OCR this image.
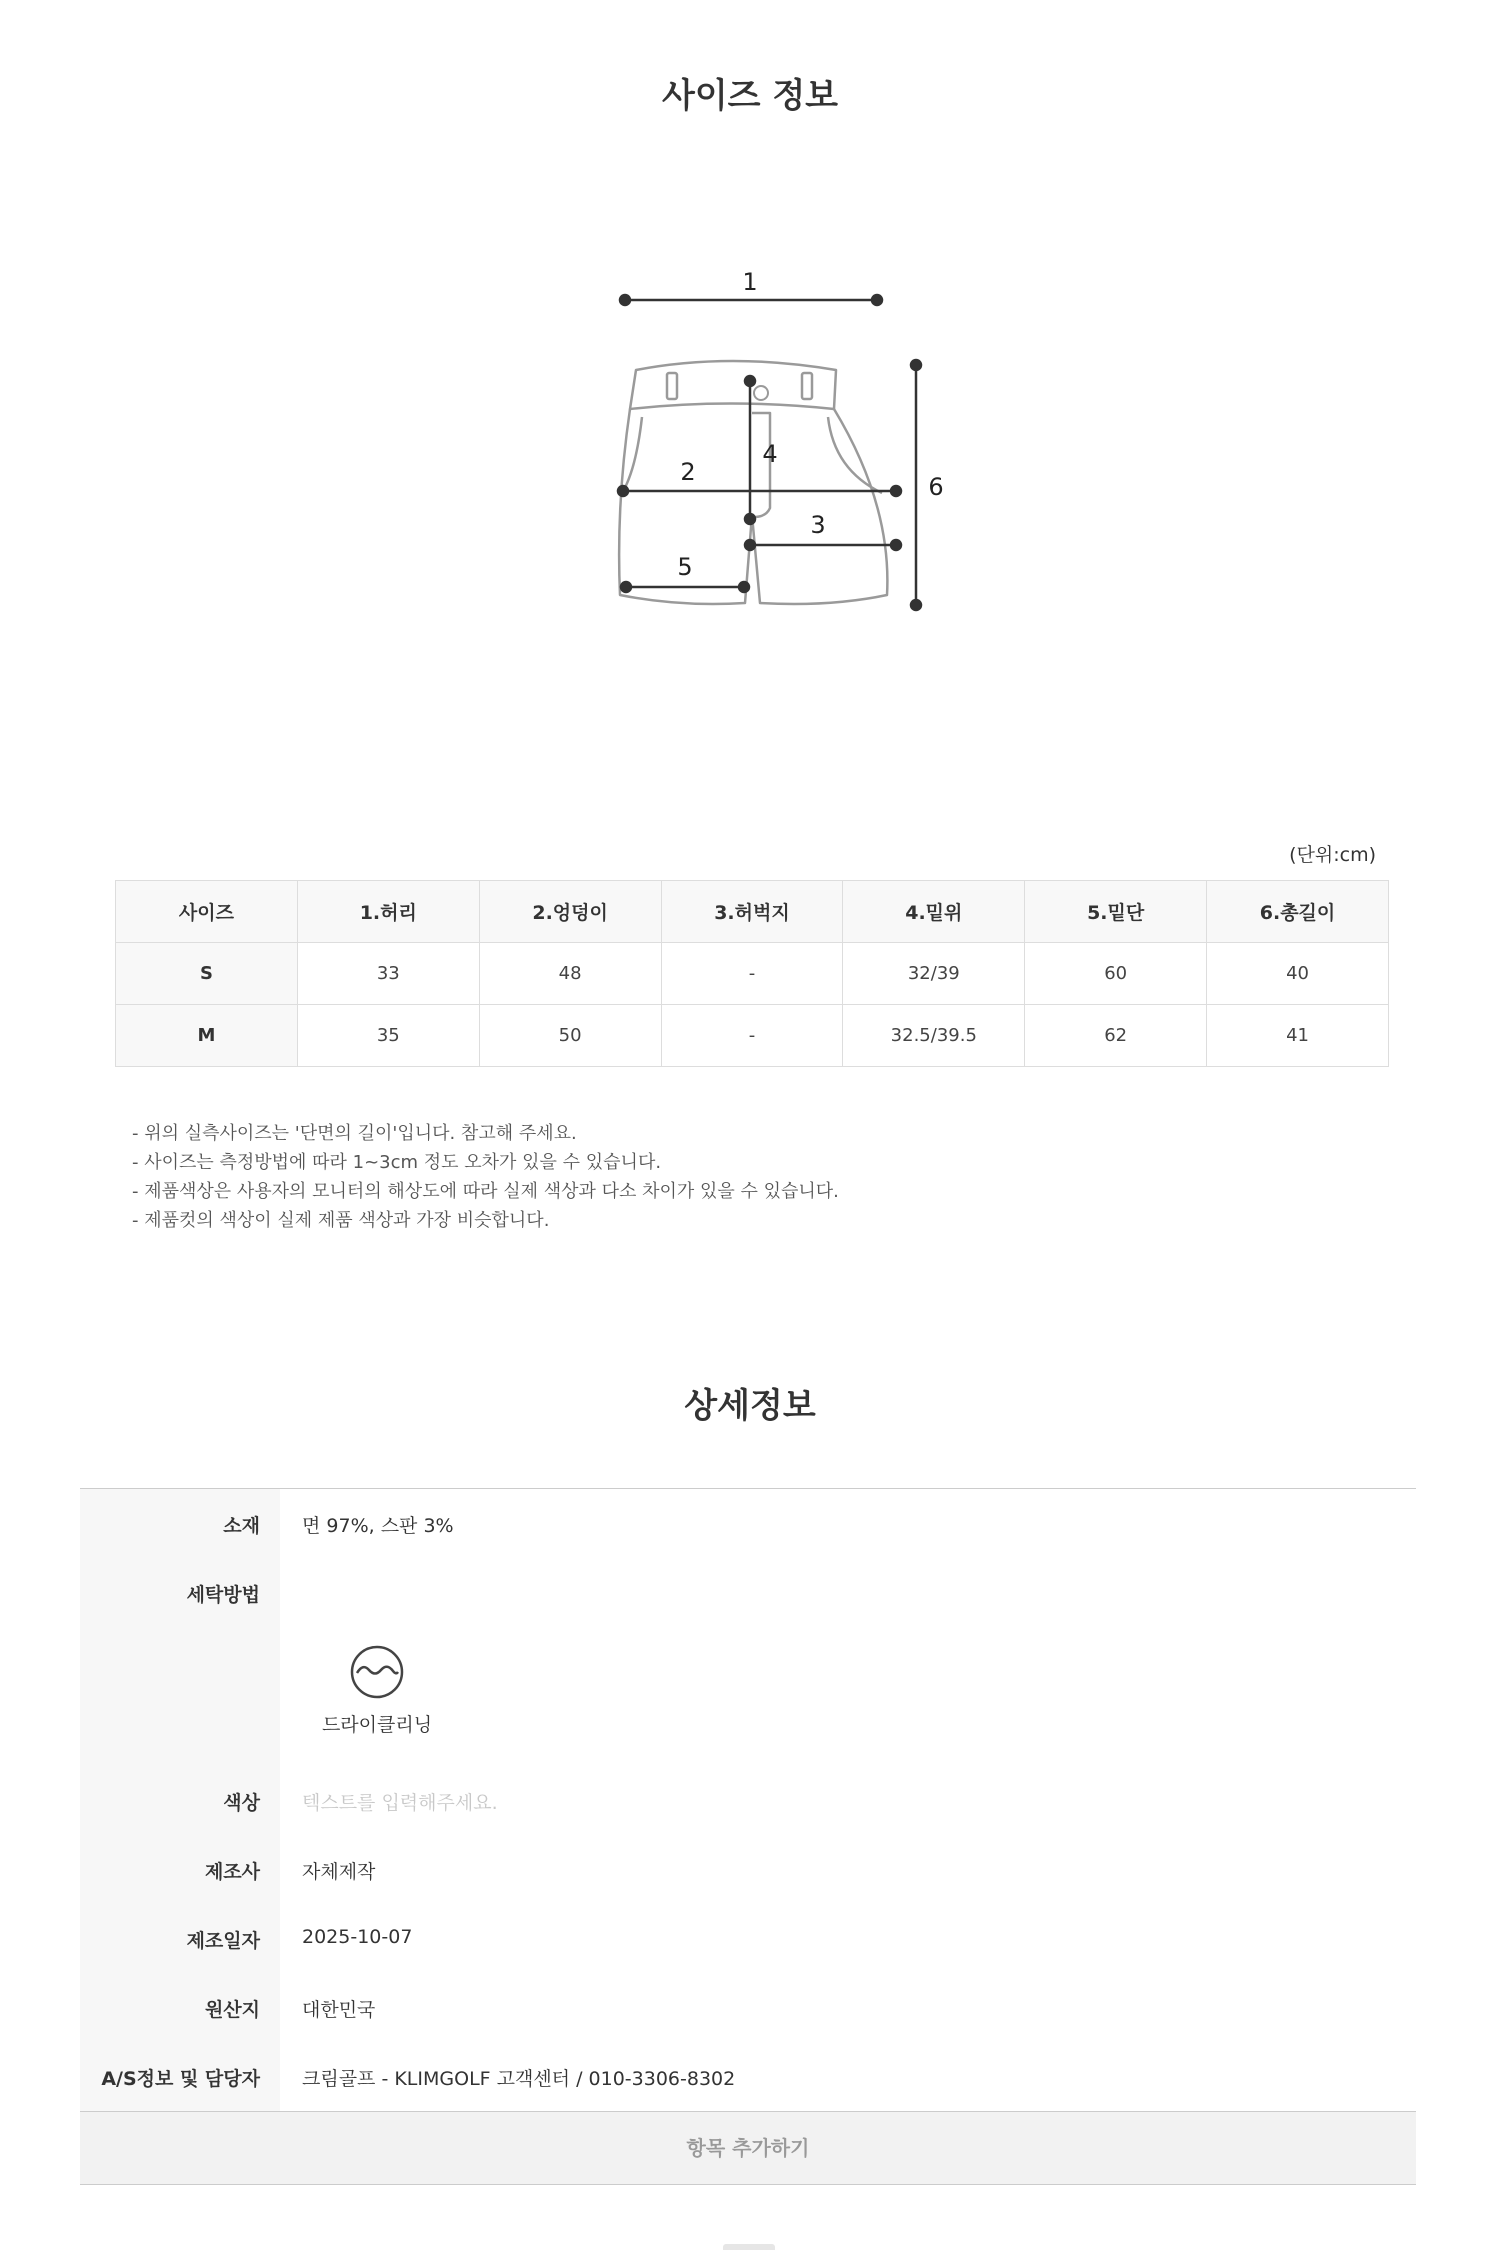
사이즈 정보
1
2
3
4
5
6
(단위:cm)
사이즈	1.허리	2.엉덩이	3.허벅지	4.밑위	5.밑단	6.총길이
S	33	48	-	32/39	60	40
M	35	50	-	32.5/39.5	62	41
- 위의 실측사이즈는 '단면의 길이'입니다. 참고해 주세요.
- 사이즈는 측정방법에 따라 1~3cm 정도 오차가 있을 수 있습니다.
- 제품색상은 사용자의 모니터의 해상도에 따라 실제 색상과 다소 차이가 있을 수 있습니다.
- 제품컷의 색상이 실제 제품 색상과 가장 비슷합니다.
상세정보
소재	면 97%, 스판 3%
세탁방법
드라이클리닝
색상	텍스트를 입력해주세요.
제조사	자체제작
제조일자	2025-10-07
원산지	대한민국
A/S정보 및 담당자	크림골프 - KLIMGOLF 고객센터 / 010-3306-8302
항목 추가하기
